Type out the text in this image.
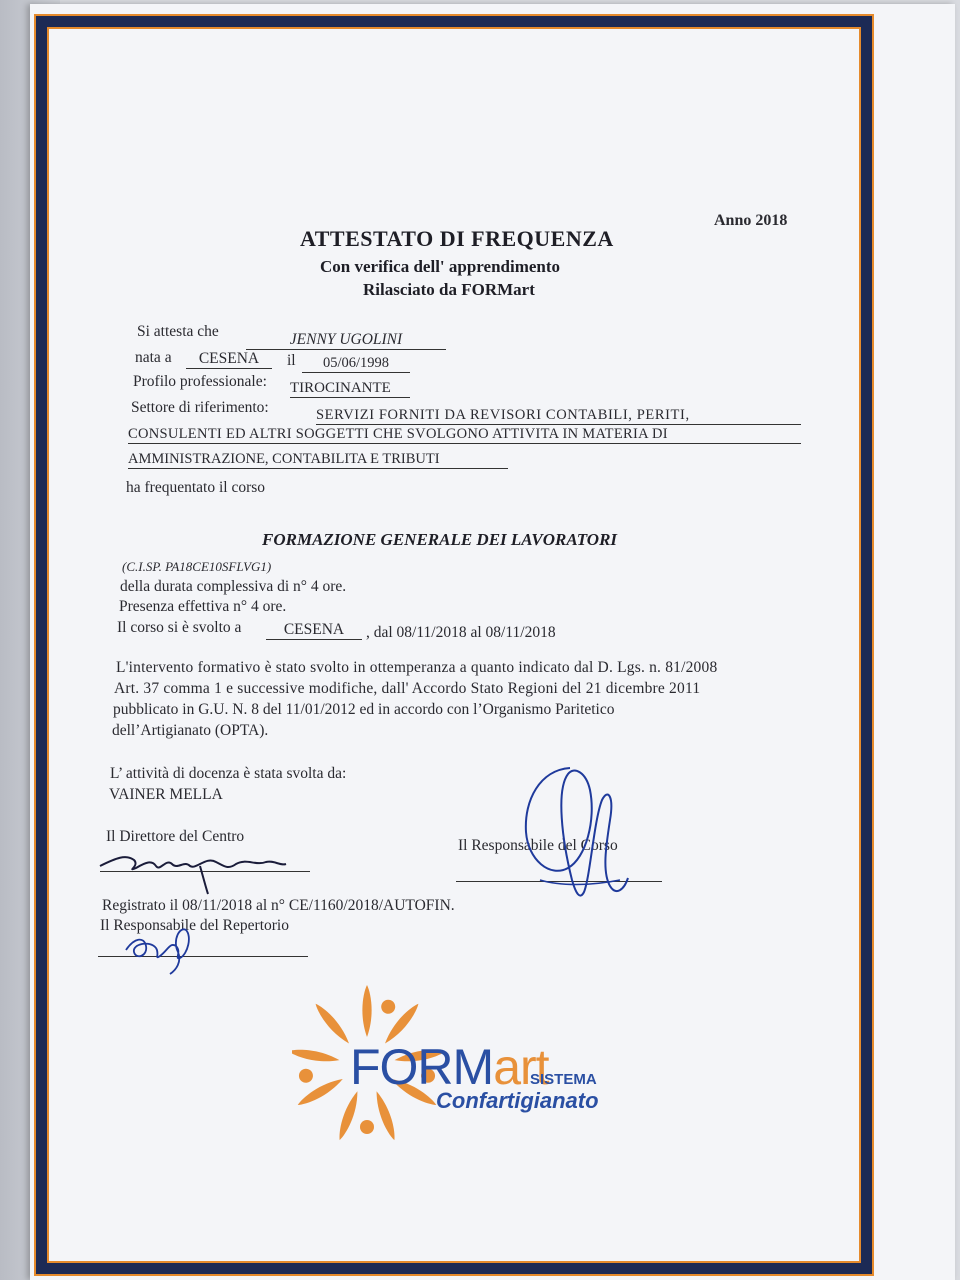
Anno 2018
ATTESTATO DI FREQUENZA
Con verifica dell' apprendimento
Rilasciato da FORMart
Si attesta che	JENNY UGOLINI
nata a	CESENA	il	05/06/1998
Profilo professionale: TIROCINANTE
Settore di riferimento:	SERVIZI FORNITI DA REVISORI CONTABILI, PERITI,
CONSULENTI ED ALTRI SOGGETTI CHE SVOLGONO ATTIVITA IN MATERIA DI
AMMINISTRAZIONE, CONTABILITA E TRIBUTI
ha frequentato il corso
FORMAZIONE GENERALE DEI LAVORATORI
(C.I.SP. PA18CE10SFLVG1)
della durata complessiva di n° 4 ore.
Presenza effettiva n° 4 ore.
Il corso si è svolto a	CESENA	, dal 08/11/2018 al 08/11/2018
L'intervento formativo è stato svolto in ottemperanza a quanto indicato dal D. Lgs. n. 81/2008
Art. 37 comma 1 e successive modifiche, dall' Accordo Stato Regioni del 21 dicembre 2011
pubblicato in G.U. N. 8 del 11/01/2012 ed in accordo con l’Organismo Paritetico
dell’Artigianato (OPTA).
L’ attività di docenza è stata svolta da:
VAINER MELLA
Il Direttore del Centro
Il Responsabile del Corso
Registrato il 08/11/2018 al n° CE/1160/2018/AUTOFIN.
Il Responsabile del Repertorio
FORMart
SISTEMA
Confartigianato
